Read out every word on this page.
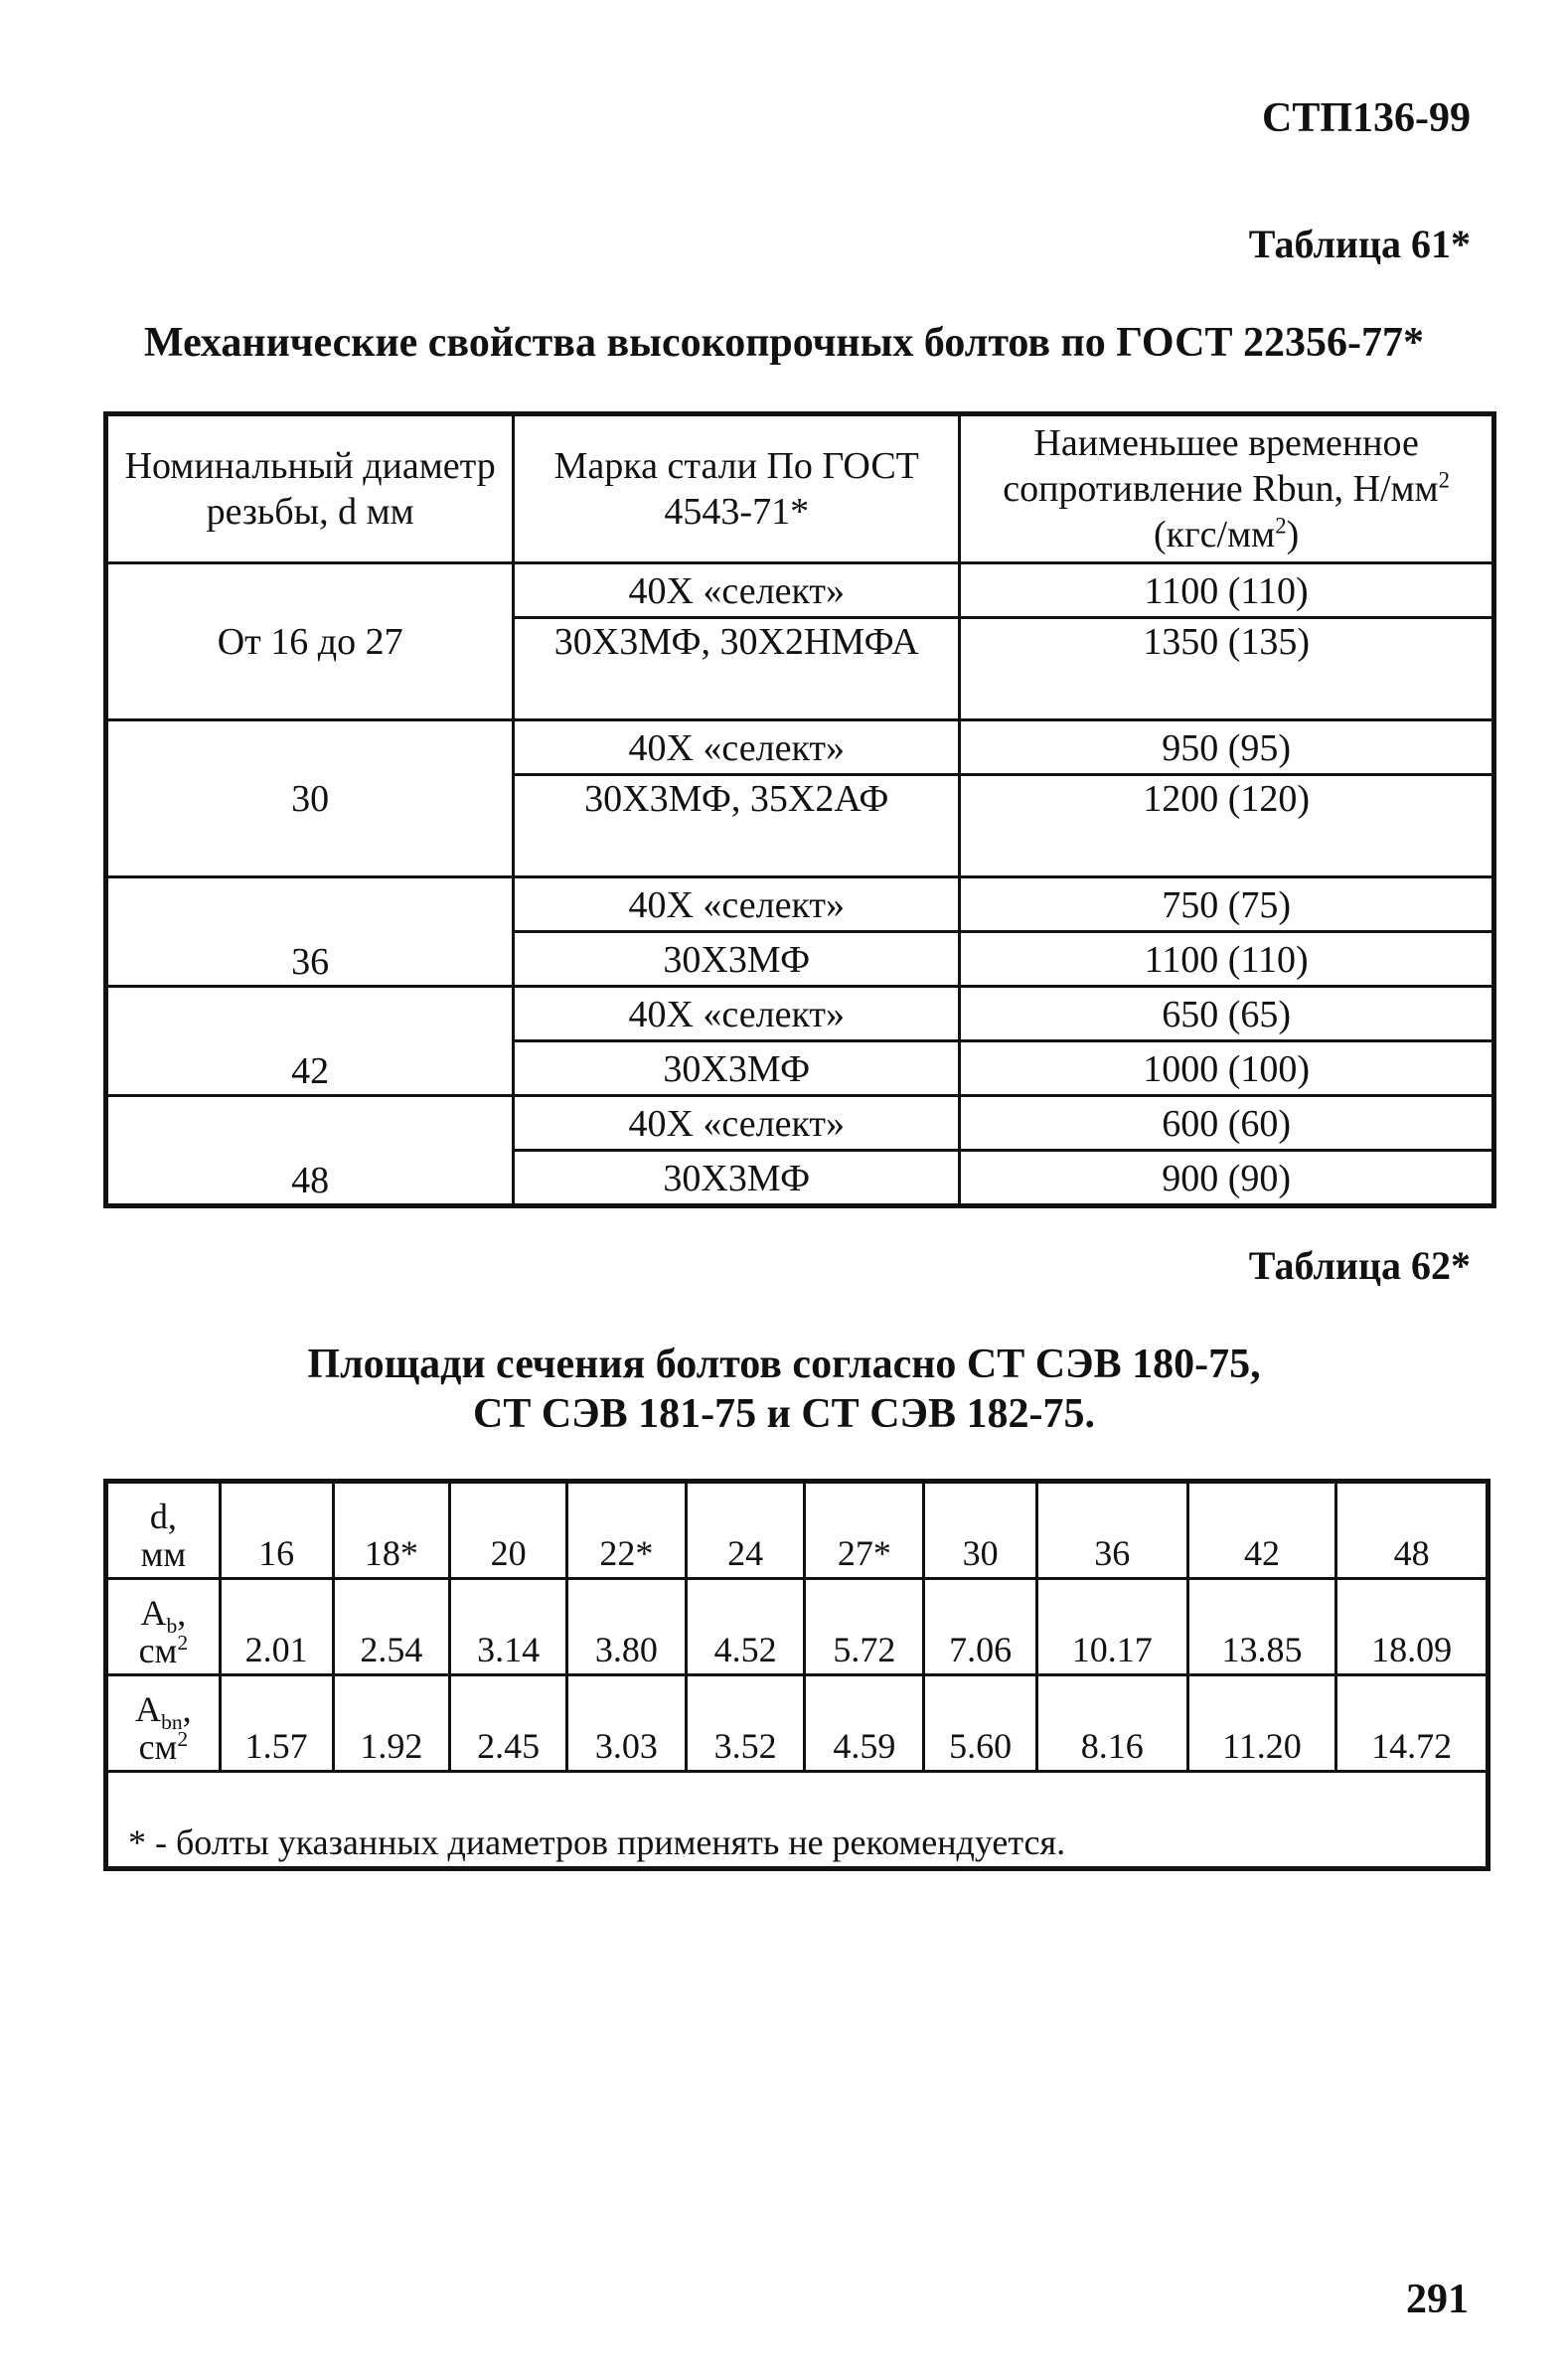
СТП136-99
Таблица 61*
Механические свойства высокопрочных болтов по ГОСТ 22356-77*
Номинальный диаметр резьбы, d мм	Марка стали По ГОСТ 4543-71*	Наименьшее временное сопротивление Rbun, $Н/мм^2$ $(кгс/мм^2)$
От 16 до 27	40Х «селект»	1100 (110)
	30Х3МФ, 30Х2НМФА	1350 (135)
30	40Х «селект»	950 (95)
	30Х3МФ, 35Х2АФ	1200 (120)
36	40Х «селект»	750 (75)
	30Х3МФ	1100 (110)
42	40Х «селект»	650 (65)
	30Х3МФ	1000 (100)
48	40Х «селект»	600 (60)
	30Х3МФ	900 (90)
Таблица 62*
Площади сечения болтов согласно СТ СЭВ 180-75,
СТ СЭВ 181-75 и СТ СЭВ 182-75.
d,
мм	16	18*	20	22*	24	27*	30	36	42	48
$A_b$,
$см^2$	2.01	2.54	3.14	3.80	4.52	5.72	7.06	10.17	13.85	18.09
$A_{bn}$,
$см^2$	1.57	1.92	2.45	3.03	3.52	4.59	5.60	8.16	11.20	14.72
* - болты указанных диаметров применять не рекомендуется.										
291
